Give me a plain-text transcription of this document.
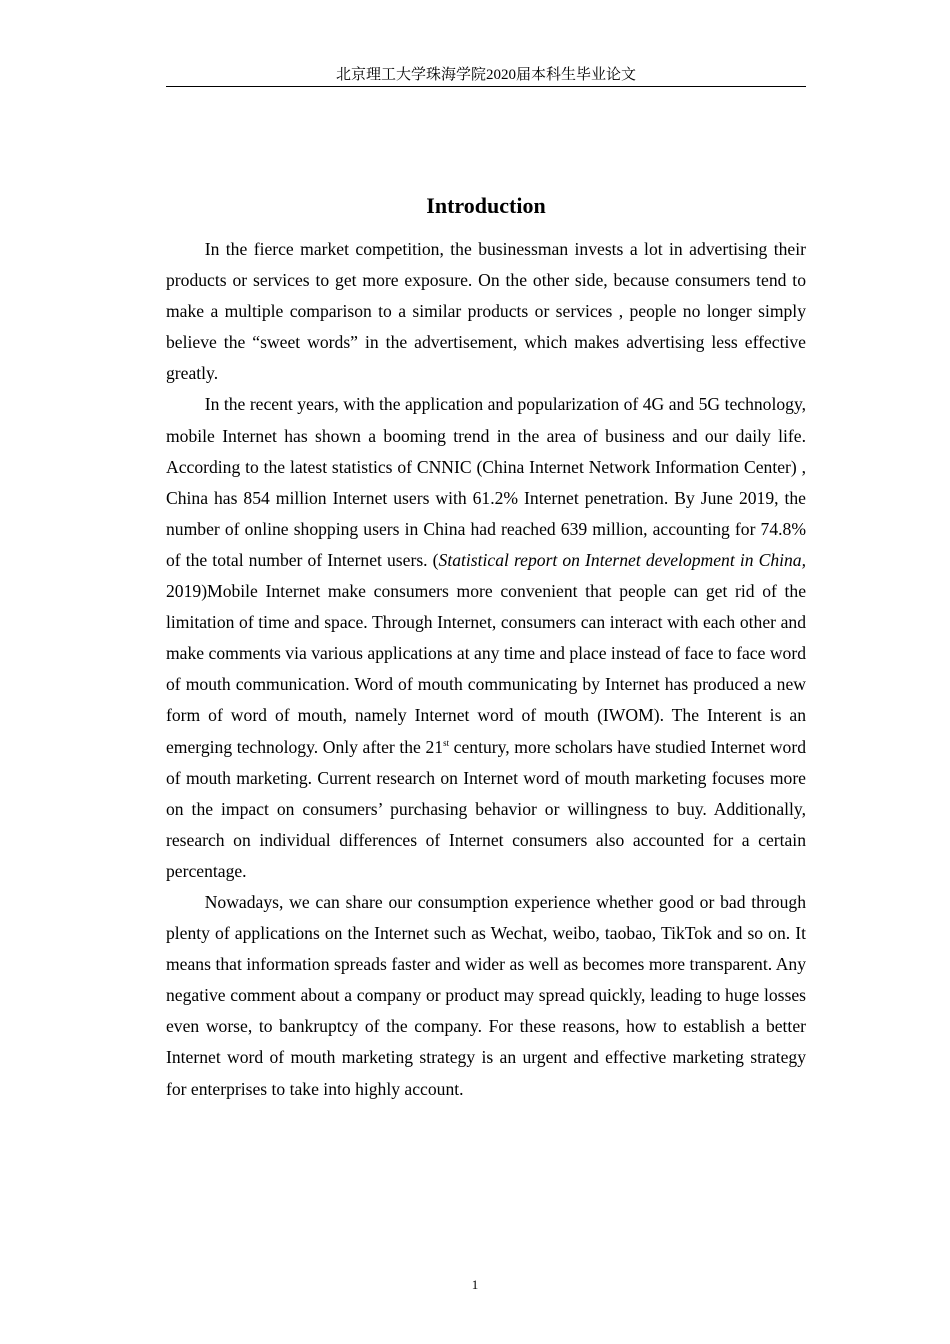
北京理工大学珠海学院2020届本科生毕业论文
Introduction

In the fierce market competition, the businessman invests a lot in advertising their products or services to get more exposure. On the other side, because consumers tend to make a multiple comparison to a similar products or services , people no longer simply believe the “sweet words” in the advertisement, which makes advertising less effective greatly.

In the recent years, with the application and popularization of 4G and 5G technology, mobile Internet has shown a booming trend in the area of business and our daily life. According to the latest statistics of CNNIC (China Internet Network Information Center) , China has 854 million Internet users with 61.2% Internet penetration. By June 2019, the number of online shopping users in China had reached 639 million, accounting for 74.8% of the total number of Internet users. (Statistical report on Internet development in China, 2019)Mobile Internet make consumers more convenient that people can get rid of the limitation of time and space. Through Internet, consumers can interact with each other and make comments via various applications at any time and place instead of face to face word of mouth communication. Word of mouth communicating by Internet has produced a new form of word of mouth, namely Internet word of mouth (IWOM). The Interent is an emerging technology. Only after the 21st century, more scholars have studied Internet word of mouth marketing. Current research on Internet word of mouth marketing focuses more on the impact on consumers’ purchasing behavior or willingness to buy. Additionally, research on individual differences of Internet consumers also accounted for a certain percentage.

Nowadays, we can share our consumption experience whether good or bad through plenty of applications on the Internet such as Wechat, weibo, taobao, TikTok and so on. It means that information spreads faster and wider as well as becomes more transparent. Any negative comment about a company or product may spread quickly, leading to huge losses even worse, to bankruptcy of the company. For these reasons, how to establish a better Internet word of mouth marketing strategy is an urgent and effective marketing strategy for enterprises to take into highly account.

1
